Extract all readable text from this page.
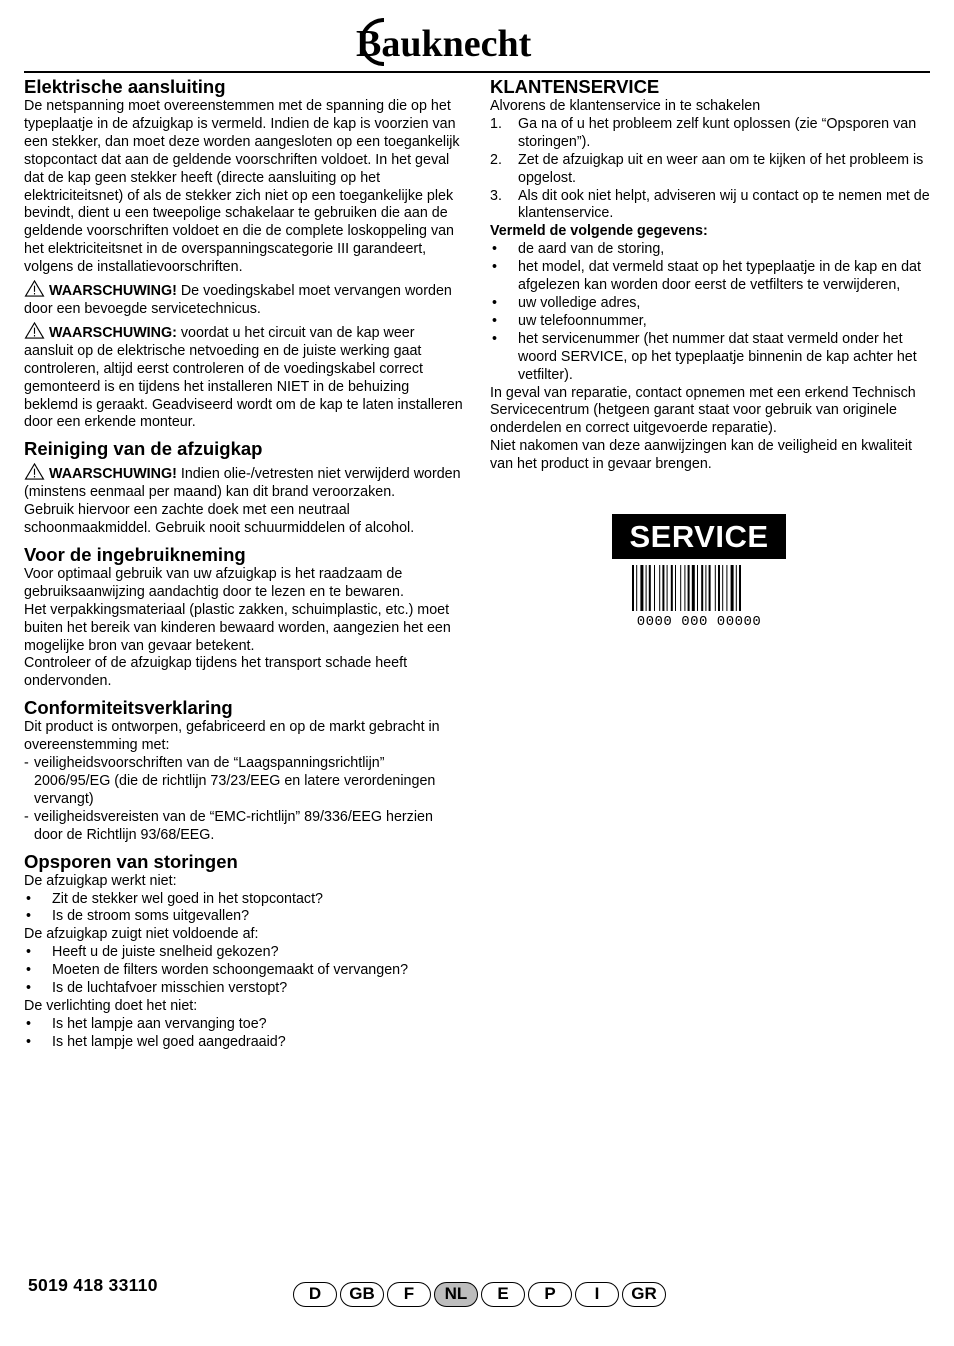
Bauknecht
Elektrische aansluiting

De netspanning moet overeenstemmen met de spanning die op het typeplaatje in de afzuigkap is vermeld. Indien de kap is voorzien van een stekker, dan moet deze worden aangesloten op een toegankelijk stopcontact dat aan de geldende voorschriften voldoet. In het geval dat de kap geen stekker heeft (directe aansluiting op het elektriciteitsnet) of als de stekker zich niet op een toegankelijke plek bevindt, dient u een tweepolige schakelaar te gebruiken die aan de geldende voorschriften voldoet en die de complete loskoppeling van het elektriciteitsnet in de overspanningscategorie III garandeert, volgens de installatievoorschriften.

WAARSCHUWING! De voedingskabel moet vervangen worden door een bevoegde servicetechnicus.

WAARSCHUWING: voordat u het circuit van de kap weer aansluit op de elektrische netvoeding en de juiste werking gaat controleren, altijd eerst controleren of de voedingskabel correct gemonteerd is en tijdens het installeren NIET in de behuizing beklemd is geraakt. Geadviseerd wordt om de kap te laten installeren door een erkende monteur.

Reiniging van de afzuigkap

WAARSCHUWING! Indien olie-/vetresten niet verwijderd worden (minstens eenmaal per maand) kan dit brand veroorzaken.

Gebruik hiervoor een zachte doek met een neutraal schoonmaakmiddel. Gebruik nooit schuurmiddelen of alcohol.

Voor de ingebruikneming

Voor optimaal gebruik van uw afzuigkap is het raadzaam de gebruiksaanwijzing aandachtig door te lezen en te bewaren.

Het verpakkingsmateriaal (plastic zakken, schuimplastic, etc.) moet buiten het bereik van kinderen bewaard worden, aangezien het een mogelijke bron van gevaar betekent.

Controleer of de afzuigkap tijdens het transport schade heeft ondervonden.

Conformiteitsverklaring

Dit product is ontworpen, gefabriceerd en op de markt gebracht in overeenstemming met:

- veiligheidsvoorschriften van de “Laagspanningsrichtlijn” 2006/95/EG (die de richtlijn 73/23/EEG en latere verordeningen vervangt)
- veiligheidsvereisten van de “EMC-richtlijn” 89/336/EEG herzien door de Richtlijn 93/68/EEG.
Opsporen van storingen

De afzuigkap werkt niet:

• Zit de stekker wel goed in het stopcontact?
• Is de stroom soms uitgevallen?

De afzuigkap zuigt niet voldoende af:

• Heeft u de juiste snelheid gekozen?
• Moeten de filters worden schoongemaakt of vervangen?
• Is de luchtafvoer misschien verstopt?

De verlichting doet het niet:

• Is het lampje aan vervanging toe?
• Is het lampje wel goed aangedraaid?
KLANTENSERVICE

Alvorens de klantenservice in te schakelen

1. Ga na of u het probleem zelf kunt oplossen (zie “Opsporen van storingen”).
2. Zet de afzuigkap uit en weer aan om te kijken of het probleem is opgelost.
3. Als dit ook niet helpt, adviseren wij u contact op te nemen met de klantenservice.

Vermeld de volgende gegevens:

• de aard van de storing,
• het model, dat vermeld staat op het typeplaatje in de kap en dat afgelezen kan worden door eerst de vetfilters te verwijderen,
• uw volledige adres,
• uw telefoonnummer,
• het servicenummer (het nummer dat staat vermeld onder het woord SERVICE, op het typeplaatje binnenin de kap achter het vetfilter).

In geval van reparatie, contact opnemen met een erkend Technisch Servicecentrum (hetgeen garant staat voor gebruik van originele onderdelen en correct uitgevoerde reparatie).

Niet nakomen van deze aanwijzingen kan de veiligheid en kwaliteit van het product in gevaar brengen.

SERVICE
0000 000 00000
5019 418 33110	D	GB	F	NL	E	P	I	GR
